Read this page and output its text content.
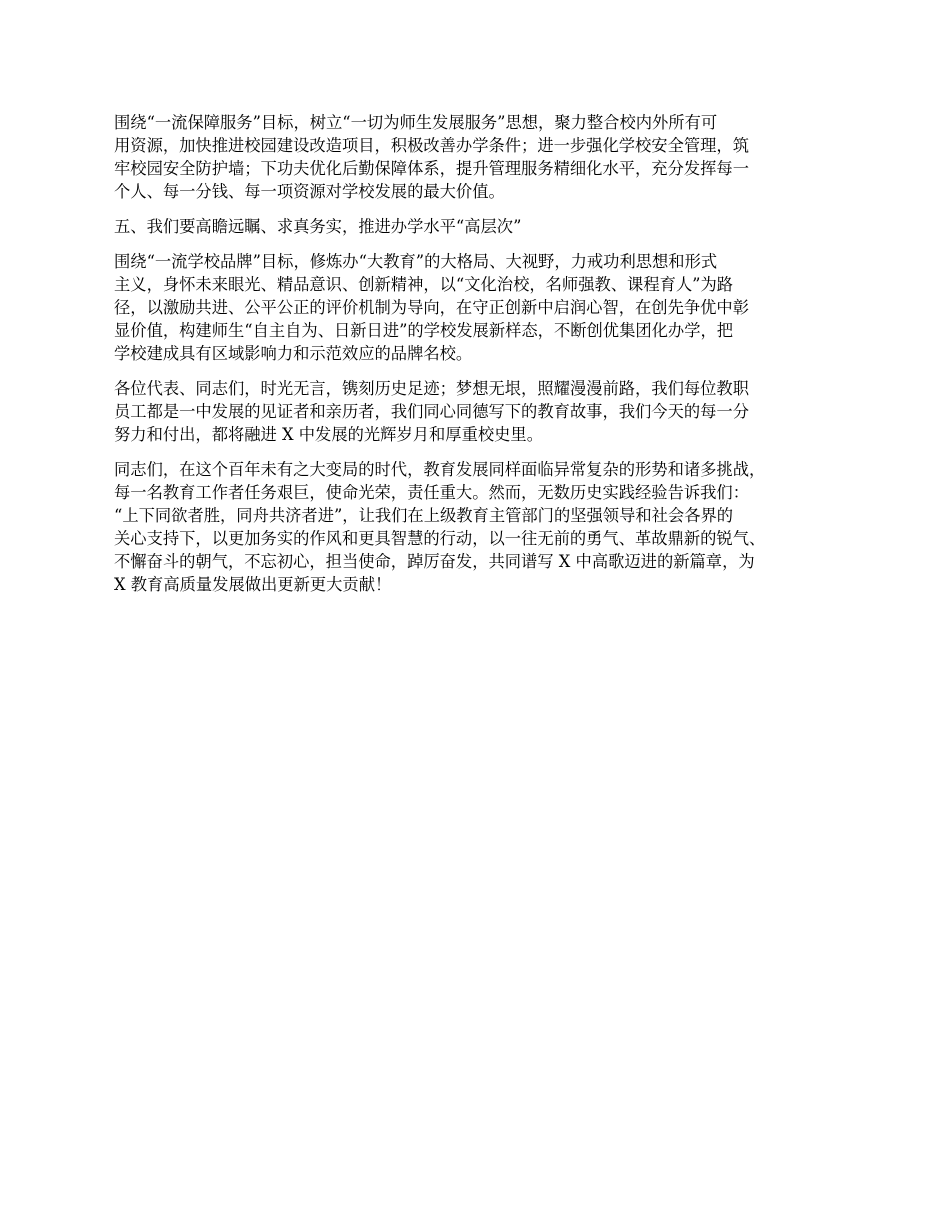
围绕“一流保障服务”目标，树立“一切为师生发展服务”思想，聚力整合校内外所有可
用资源，加快推进校园建设改造项目，积极改善办学条件；进一步强化学校安全管理，筑
牢校园安全防护墙；下功夫优化后勤保障体系，提升管理服务精细化水平，充分发挥每一
个人、每一分钱、每一项资源对学校发展的最大价值。

五、我们要高瞻远瞩、求真务实，推进办学水平“高层次”

围绕“一流学校品牌”目标，修炼办“大教育”的大格局、大视野，力戒功利思想和形式
主义，身怀未来眼光、精品意识、创新精神，以“文化治校，名师强教、课程育人”为路
径，以激励共进、公平公正的评价机制为导向，在守正创新中启润心智，在创先争优中彰
显价值，构建师生“自主自为、日新日进”的学校发展新样态，不断创优集团化办学，把
学校建成具有区域影响力和示范效应的品牌名校。

各位代表、同志们，时光无言，镌刻历史足迹；梦想无垠，照耀漫漫前路，我们每位教职
员工都是一中发展的见证者和亲历者，我们同心同德写下的教育故事，我们今天的每一分
努力和付出，都将融进 X 中发展的光辉岁月和厚重校史里。

同志们，在这个百年未有之大变局的时代，教育发展同样面临异常复杂的形势和诸多挑战，
每一名教育工作者任务艰巨，使命光荣，责任重大。然而，无数历史实践经验告诉我们：
“上下同欲者胜，同舟共济者进”，让我们在上级教育主管部门的坚强领导和社会各界的
关心支持下，以更加务实的作风和更具智慧的行动，以一往无前的勇气、革故鼎新的锐气、
不懈奋斗的朝气，不忘初心，担当使命，踔厉奋发，共同谱写 X 中高歌迈进的新篇章，为
X 教育高质量发展做出更新更大贡献！
